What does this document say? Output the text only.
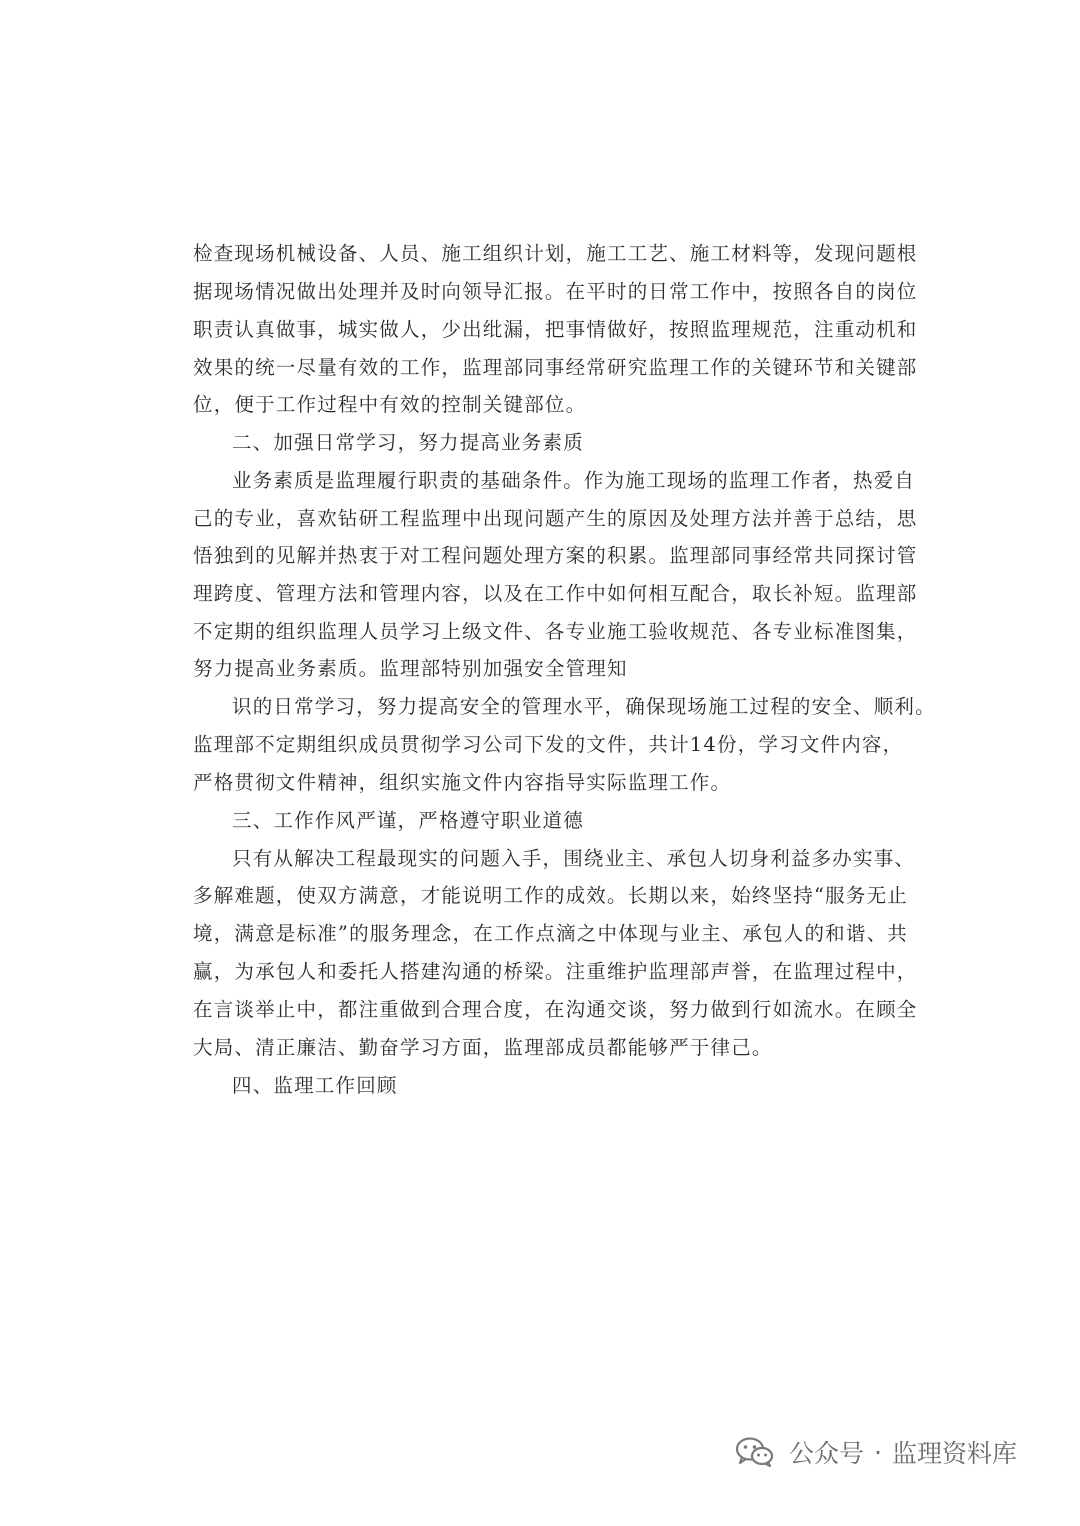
检查现场机械设备、人员、施工组织计划，施工工艺、施工材料等，发现问题根
据现场情况做出处理并及时向领导汇报。在平时的日常工作中，按照各自的岗位
职责认真做事，城实做人，少出纰漏，把事情做好，按照监理规范，注重动机和
效果的统一尽量有效的工作，监理部同事经常研究监理工作的关键环节和关键部
位，便于工作过程中有效的控制关键部位。
二、加强日常学习，努力提高业务素质
业务素质是监理履行职责的基础条件。作为施工现场的监理工作者，热爱自
己的专业，喜欢钻研工程监理中出现问题产生的原因及处理方法并善于总结，思
悟独到的见解并热衷于对工程问题处理方案的积累。监理部同事经常共同探讨管
理跨度、管理方法和管理内容，以及在工作中如何相互配合，取长补短。监理部
不定期的组织监理人员学习上级文件、各专业施工验收规范、各专业标准图集，
努力提高业务素质。监理部特别加强安全管理知
识的日常学习，努力提高安全的管理水平，确保现场施工过程的安全、顺利。
监理部不定期组织成员贯彻学习公司下发的文件，共计14份，学习文件内容，
严格贯彻文件精神，组织实施文件内容指导实际监理工作。
三、工作作风严谨，严格遵守职业道德
只有从解决工程最现实的问题入手，围绕业主、承包人切身利益多办实事、
多解难题，使双方满意，才能说明工作的成效。长期以来，始终坚持“服务无止
境，满意是标准”的服务理念，在工作点滴之中体现与业主、承包人的和谐、共
赢，为承包人和委托人搭建沟通的桥梁。注重维护监理部声誉，在监理过程中，
在言谈举止中，都注重做到合理合度，在沟通交谈，努力做到行如流水。在顾全
大局、清正廉洁、勤奋学习方面，监理部成员都能够严于律己。
四、监理工作回顾
公众号 · 监理资料库
